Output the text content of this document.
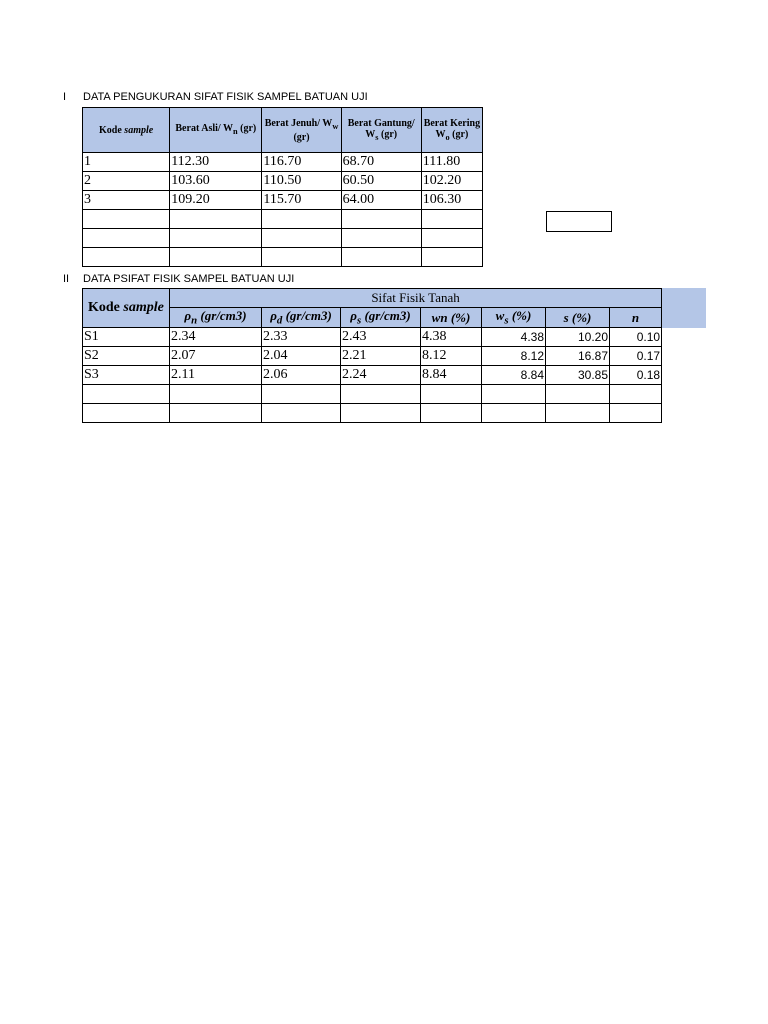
I DATA PENGUKURAN SIFAT FISIK SAMPEL BATUAN UJI
Kode sample	Berat Asli/ $W_n$ (gr)	Berat Jenuh/ $W_w$ (gr)	Berat Gantung/ $W_s$ (gr)	Berat Kering $W_o$ (gr)
1	112.30	116.70	68.70	111.80
2	103.60	110.50	60.50	102.20
3	109.20	115.70	64.00	106.30

II DATA PSIFAT FISIK SAMPEL BATUAN UJI
Kode sample	Sifat Fisik Tanah						
	$\rho_n$ (gr/cm3)	$\rho_d$ (gr/cm3)	$\rho_s$ (gr/cm3)	wn (%)	$w_s$ (%)	s (%)	n
S1	2.34	2.33	2.43	4.38	4.38	10.20	0.10
S2	2.07	2.04	2.21	8.12	8.12	16.87	0.17
S3	2.11	2.06	2.24	8.84	8.84	30.85	0.18
